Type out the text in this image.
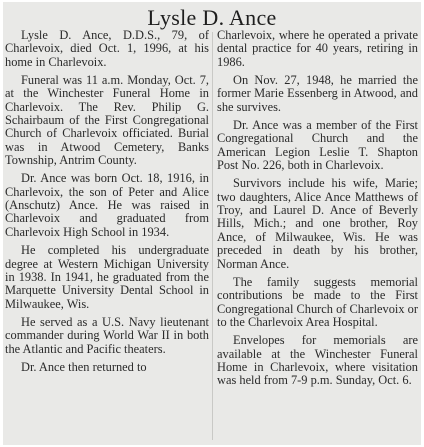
Lysle D. Ance

Lysle D. Ance, D.D.S., 79, of Charlevoix, died Oct. 1, 1996, at his home in Charlevoix.

Funeral was 11 a.m. Monday, Oct. 7, at the Winchester Funeral Home in Charlevoix. The Rev. Philip G. Schairbaum of the First Congregational Church of Charlevoix officiated. Burial was in Atwood Cemetery, Banks Township, Antrim County.

Dr. Ance was born Oct. 18, 1916, in Charlevoix, the son of Peter and Alice (Anschutz) Ance. He was raised in Charlevoix and graduated from Charlevoix High School in 1934.

He completed his undergraduate degree at Western Michigan University in 1938. In 1941, he graduated from the Marquette University Dental School in Milwaukee, Wis.

He served as a U.S. Navy lieutenant commander during World War II in both the Atlantic and Pacific theaters.

Dr. Ance then returned to

Charlevoix, where he operated a private dental practice for 40 years, retiring in 1986.

On Nov. 27, 1948, he married the former Marie Essenberg in Atwood, and she survives.

Dr. Ance was a member of the First Congregational Church and the American Legion Leslie T. Shapton Post No. 226, both in Charlevoix.

Survivors include his wife, Marie; two daughters, Alice Ance Matthews of Troy, and Laurel D. Ance of Beverly Hills, Mich.; and one brother, Roy Ance, of Milwaukee, Wis. He was preceded in death by his brother, Norman Ance.

The family suggests memorial contributions be made to the First Congregational Church of Charlevoix or to the Charlevoix Area Hospital.

Envelopes for memorials are available at the Winchester Funeral Home in Charlevoix, where visitation was held from 7-9 p.m. Sunday, Oct. 6.
